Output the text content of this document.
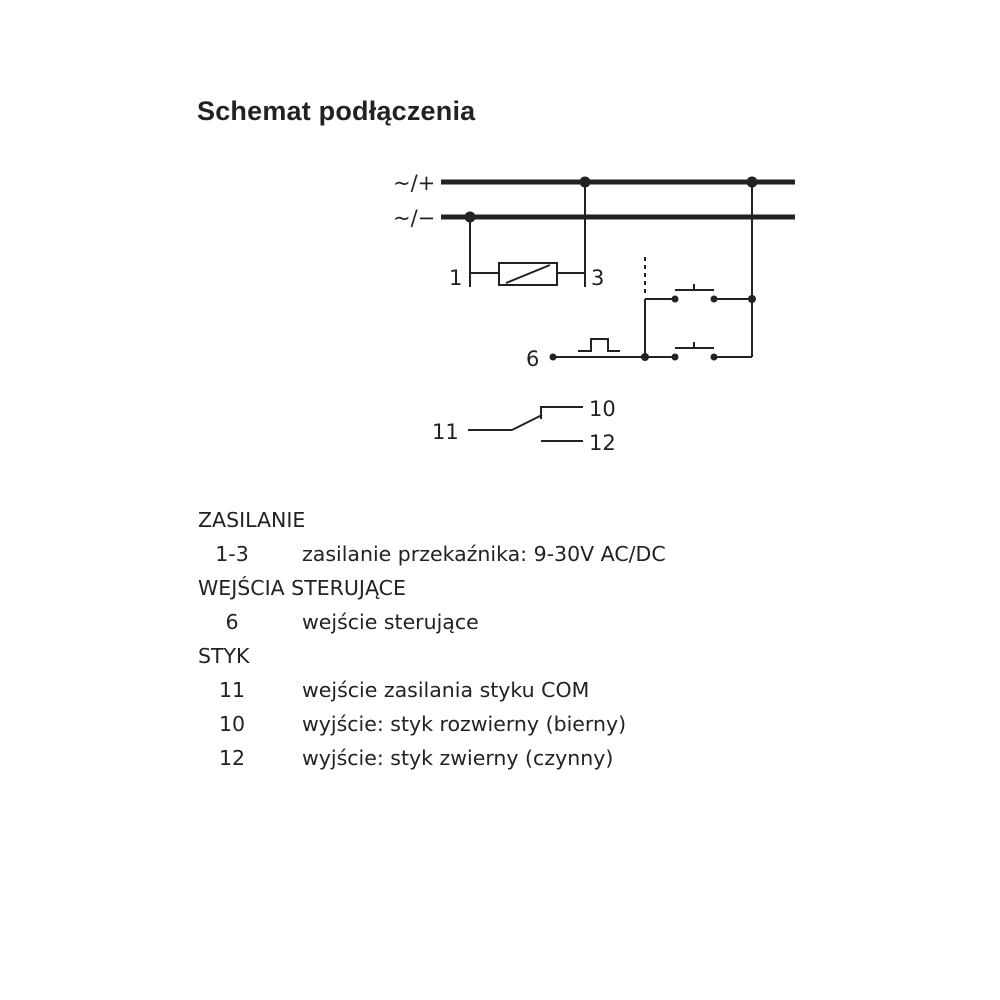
Schemat podłączenia
~/+
~/−
1	3
6
11
10
12
ZASILANIE
1-3	zasilanie przekaźnika: 9-30V AC/DC
WEJŚCIA STERUJĄCE
6	wejście sterujące
STYK
11	wejście zasilania styku COM
10	wyjście: styk rozwierny (bierny)
12	wyjście: styk zwierny (czynny)
